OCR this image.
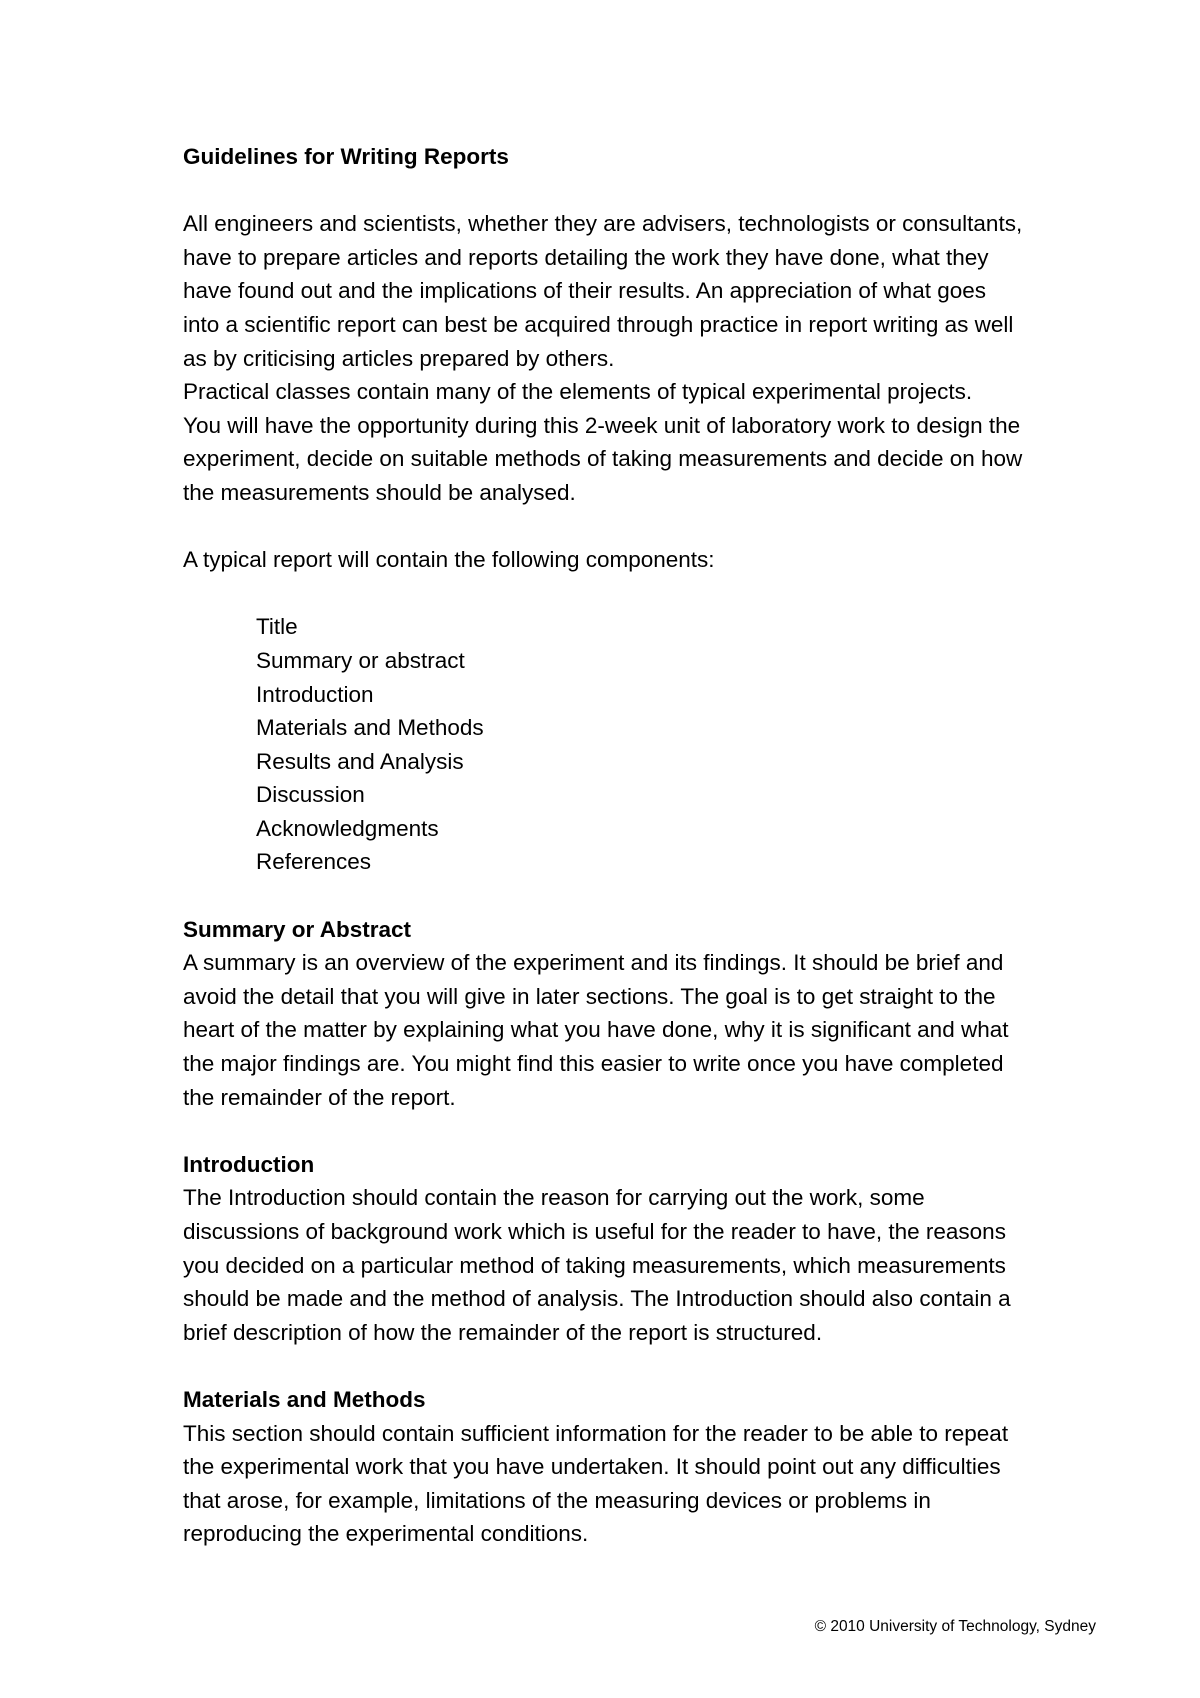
Guidelines for Writing Reports
All engineers and scientists, whether they are advisers, technologists or consultants,
have to prepare articles and reports detailing the work they have done, what they
have found out and the implications of their results. An appreciation of what goes
into a scientific report can best be acquired through practice in report writing as well
as by criticising articles prepared by others.
Practical classes contain many of the elements of typical experimental projects.
You will have the opportunity during this 2-week unit of laboratory work to design the
experiment, decide on suitable methods of taking measurements and decide on how
the measurements should be analysed.
A typical report will contain the following components:
Title
Summary or abstract
Introduction
Materials and Methods
Results and Analysis
Discussion
Acknowledgments
References
Summary or Abstract
A summary is an overview of the experiment and its findings. It should be brief and
avoid the detail that you will give in later sections. The goal is to get straight to the
heart of the matter by explaining what you have done, why it is significant and what
the major findings are. You might find this easier to write once you have completed
the remainder of the report.
Introduction
The Introduction should contain the reason for carrying out the work, some
discussions of background work which is useful for the reader to have, the reasons
you decided on a particular method of taking measurements, which measurements
should be made and the method of analysis. The Introduction should also contain a
brief description of how the remainder of the report is structured.
Materials and Methods
This section should contain sufficient information for the reader to be able to repeat
the experimental work that you have undertaken. It should point out any difficulties
that arose, for example, limitations of the measuring devices or problems in
reproducing the experimental conditions.
© 2010 University of Technology, Sydney
